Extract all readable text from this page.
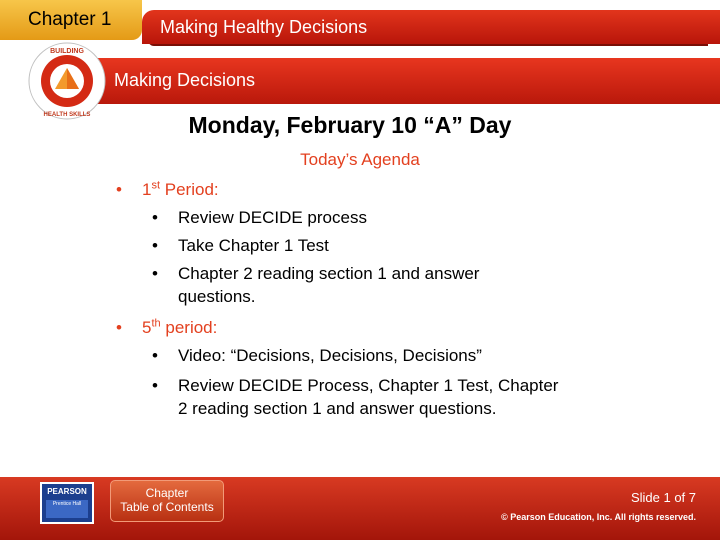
Chapter 1	Making Healthy Decisions
Making Decisions
BUILDING
HEALTH SKILLS	Monday, February 10 “A” Day
Today’s Agenda
• 1st Period:
• Review DECIDE process
• Take Chapter 1 Test
• Chapter 2 reading section 1 and answer questions.
• 5th period:
• Video: “Decisions, Decisions, Decisions”
• Review DECIDE Process, Chapter 1 Test, Chapter 2 reading section 1 and answer questions.
PEARSON
Prentice Hall
Chapter
Table of Contents
Slide 1 of 7
© Pearson Education, Inc. All rights reserved.
